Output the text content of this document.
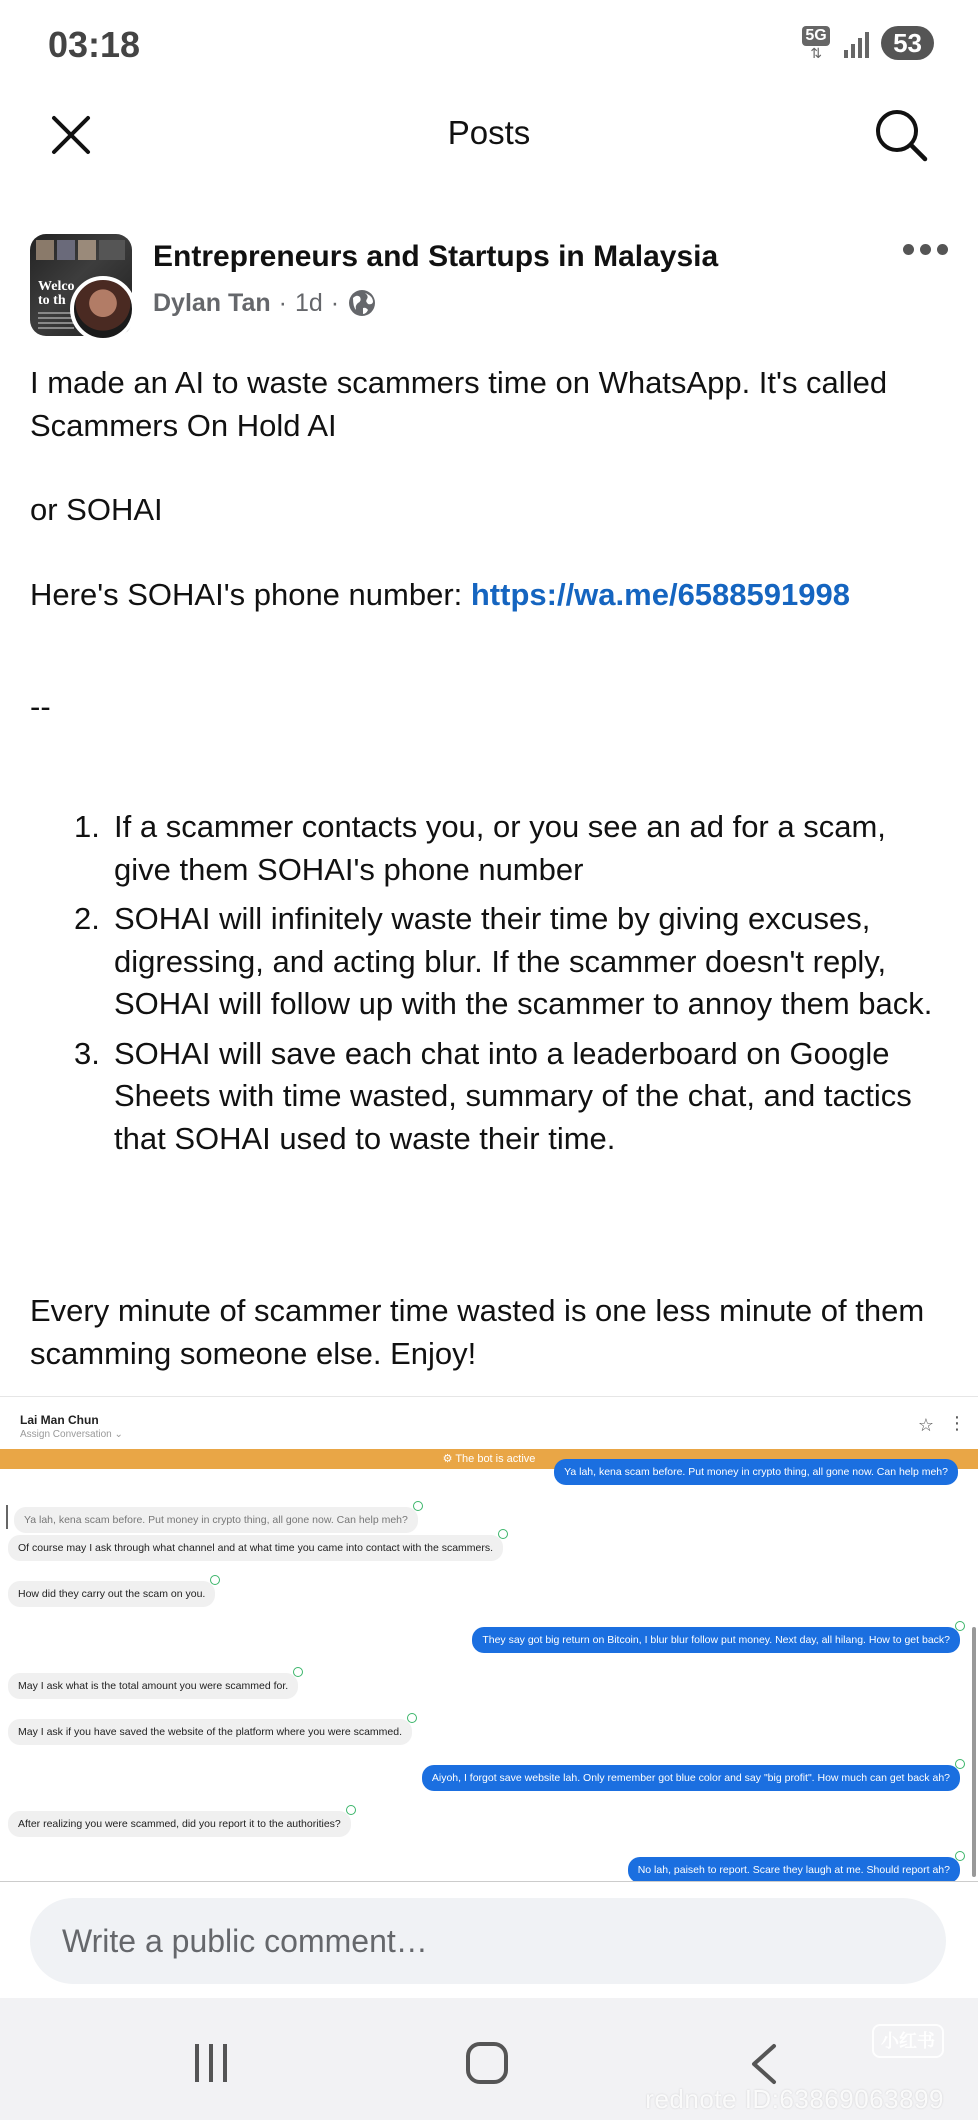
03:18	5G
⇅	53
Posts
Welco
to th
Entrepreneurs and Startups in Malaysia
Dylan Tan · 1d ·

I made an AI to waste scammers time on WhatsApp. It's called Scammers On Hold AI

or SOHAI

Here's SOHAI's phone number: https://wa.me/6588591998

--

1. If a scammer contacts you, or you see an ad for a scam, give them SOHAI's phone number
2. SOHAI will infinitely waste their time by giving excuses, digressing, and acting blur. If the scammer doesn't reply, SOHAI will follow up with the scammer to annoy them back.
3. SOHAI will save each chat into a leaderboard on Google Sheets with time wasted, summary of the chat, and tactics that SOHAI used to waste their time.
Every minute of scammer time wasted is one less minute of them scamming someone else. Enjoy!
Lai Man Chun
Assign Conversation ⌄	☆ ⋮
⚙ The bot is active
Ya lah, kena scam before. Put money in crypto thing, all gone now. Can help meh?
Ya lah, kena scam before. Put money in crypto thing, all gone now. Can help meh?
Of course may I ask through what channel and at what time you came into contact with the scammers.
How did they carry out the scam on you.
They say got big return on Bitcoin, I blur blur follow put money. Next day, all hilang. How to get back?
May I ask what is the total amount you were scammed for.
May I ask if you have saved the website of the platform where you were scammed.
Aiyoh, I forgot save website lah. Only remember got blue color and say "big profit". How much can get back ah?
After realizing you were scammed, did you report it to the authorities?
No lah, paiseh to report. Scare they laugh at me. Should report ah?
Write a public comment…
小红书
rednote ID:63869063899
